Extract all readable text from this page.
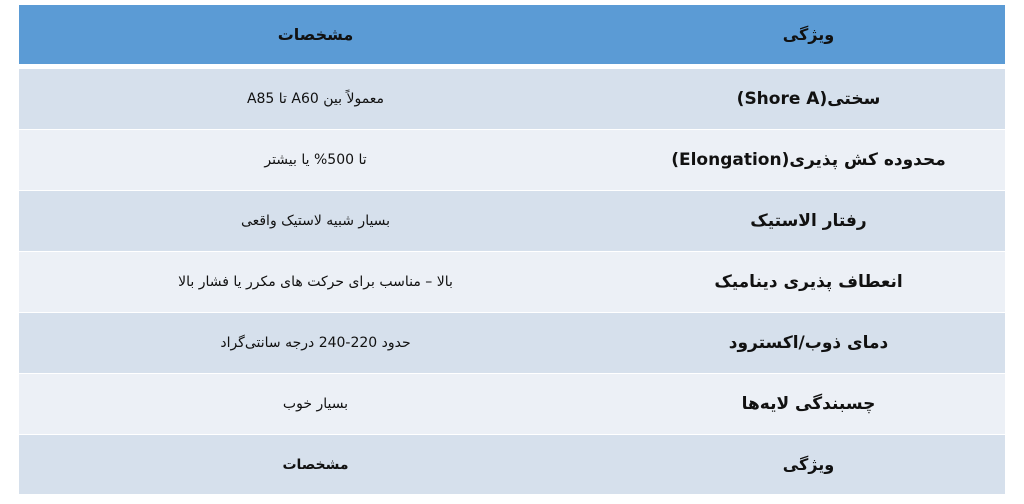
ویژگی
مشخصات
سختی(Shore A)
معمولاً بین A60 تا A85
محدوده کش پذیری(Elongation)
تا 500% یا بیشتر
رفتار الاستیک
بسیار شبیه لاستیک واقعی
انعطاف پذیری دینامیک
بالا – مناسب برای حرکت های مکرر یا فشار بالا
دمای ذوب/اکسترود
حدود 220-240 درجه سانتی‌گراد
چسبندگی لایه‌ها
بسیار خوب
ویژگی
مشخصات
